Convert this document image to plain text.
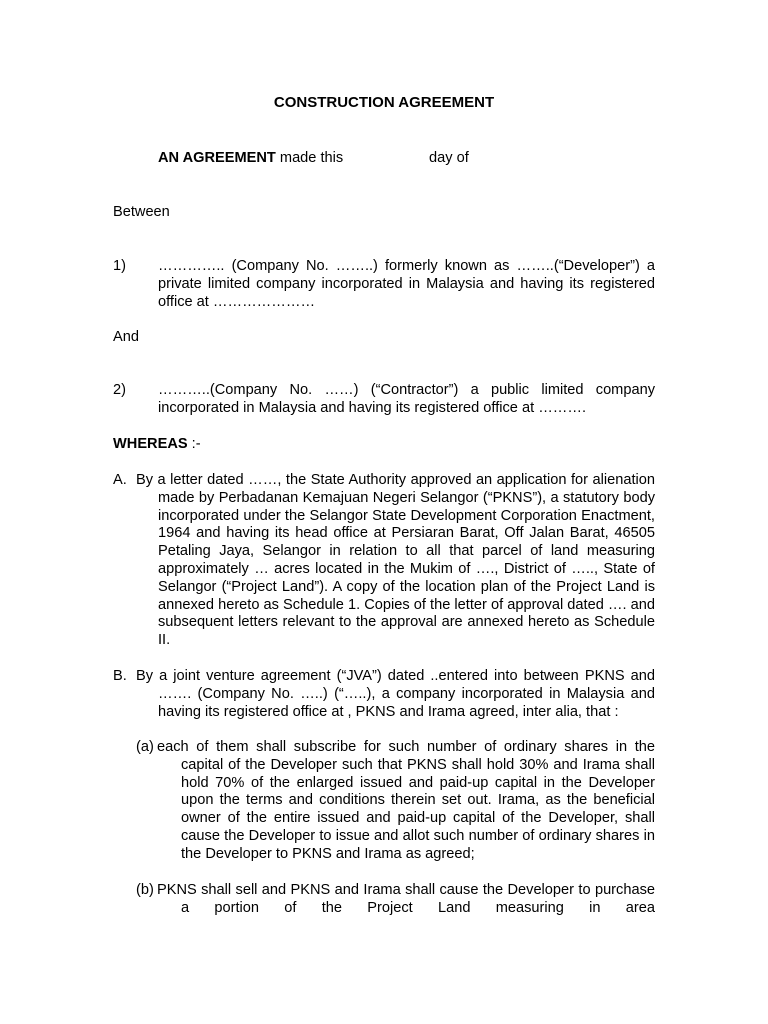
CONSTRUCTION AGREEMENT
AN AGREEMENT made this	day of
Between
1) ………….. (Company No. ……..) formerly known as ……..(“Developer”) a private limited company incorporated in Malaysia and having its registered office at …………………
And
2) ………..(Company No. ……) (“Contractor”) a public limited company incorporated in Malaysia and having its registered office at ……….
WHEREAS :-
A. By a letter dated ……, the State Authority approved an application for alienation made by Perbadanan Kemajuan Negeri Selangor (“PKNS”), a statutory body incorporated under the Selangor State Development Corporation Enactment, 1964 and having its head office at Persiaran Barat, Off Jalan Barat, 46505 Petaling Jaya, Selangor in relation to all that parcel of land measuring approximately … acres located in the Mukim of …., District of ….., State of Selangor (“Project Land”). A copy of the location plan of the Project Land is annexed hereto as Schedule 1. Copies of the letter of approval dated …. and subsequent letters relevant to the approval are annexed hereto as Schedule II.
B. By a joint venture agreement (“JVA”) dated ..entered into between PKNS and ……. (Company No. …..) (“…..), a company incorporated in Malaysia and having its registered office at , PKNS and Irama agreed, inter alia, that :
(a) each of them shall subscribe for such number of ordinary shares in the capital of the Developer such that PKNS shall hold 30% and Irama shall hold 70% of the enlarged issued and paid-up capital in the Developer upon the terms and conditions therein set out. Irama, as the beneficial owner of the entire issued and paid-up capital of the Developer, shall cause the Developer to issue and allot such number of ordinary shares in the Developer to PKNS and Irama as agreed;
(b) PKNS shall sell and PKNS and Irama shall cause the Developer to purchase a portion of the Project Land measuring in area
